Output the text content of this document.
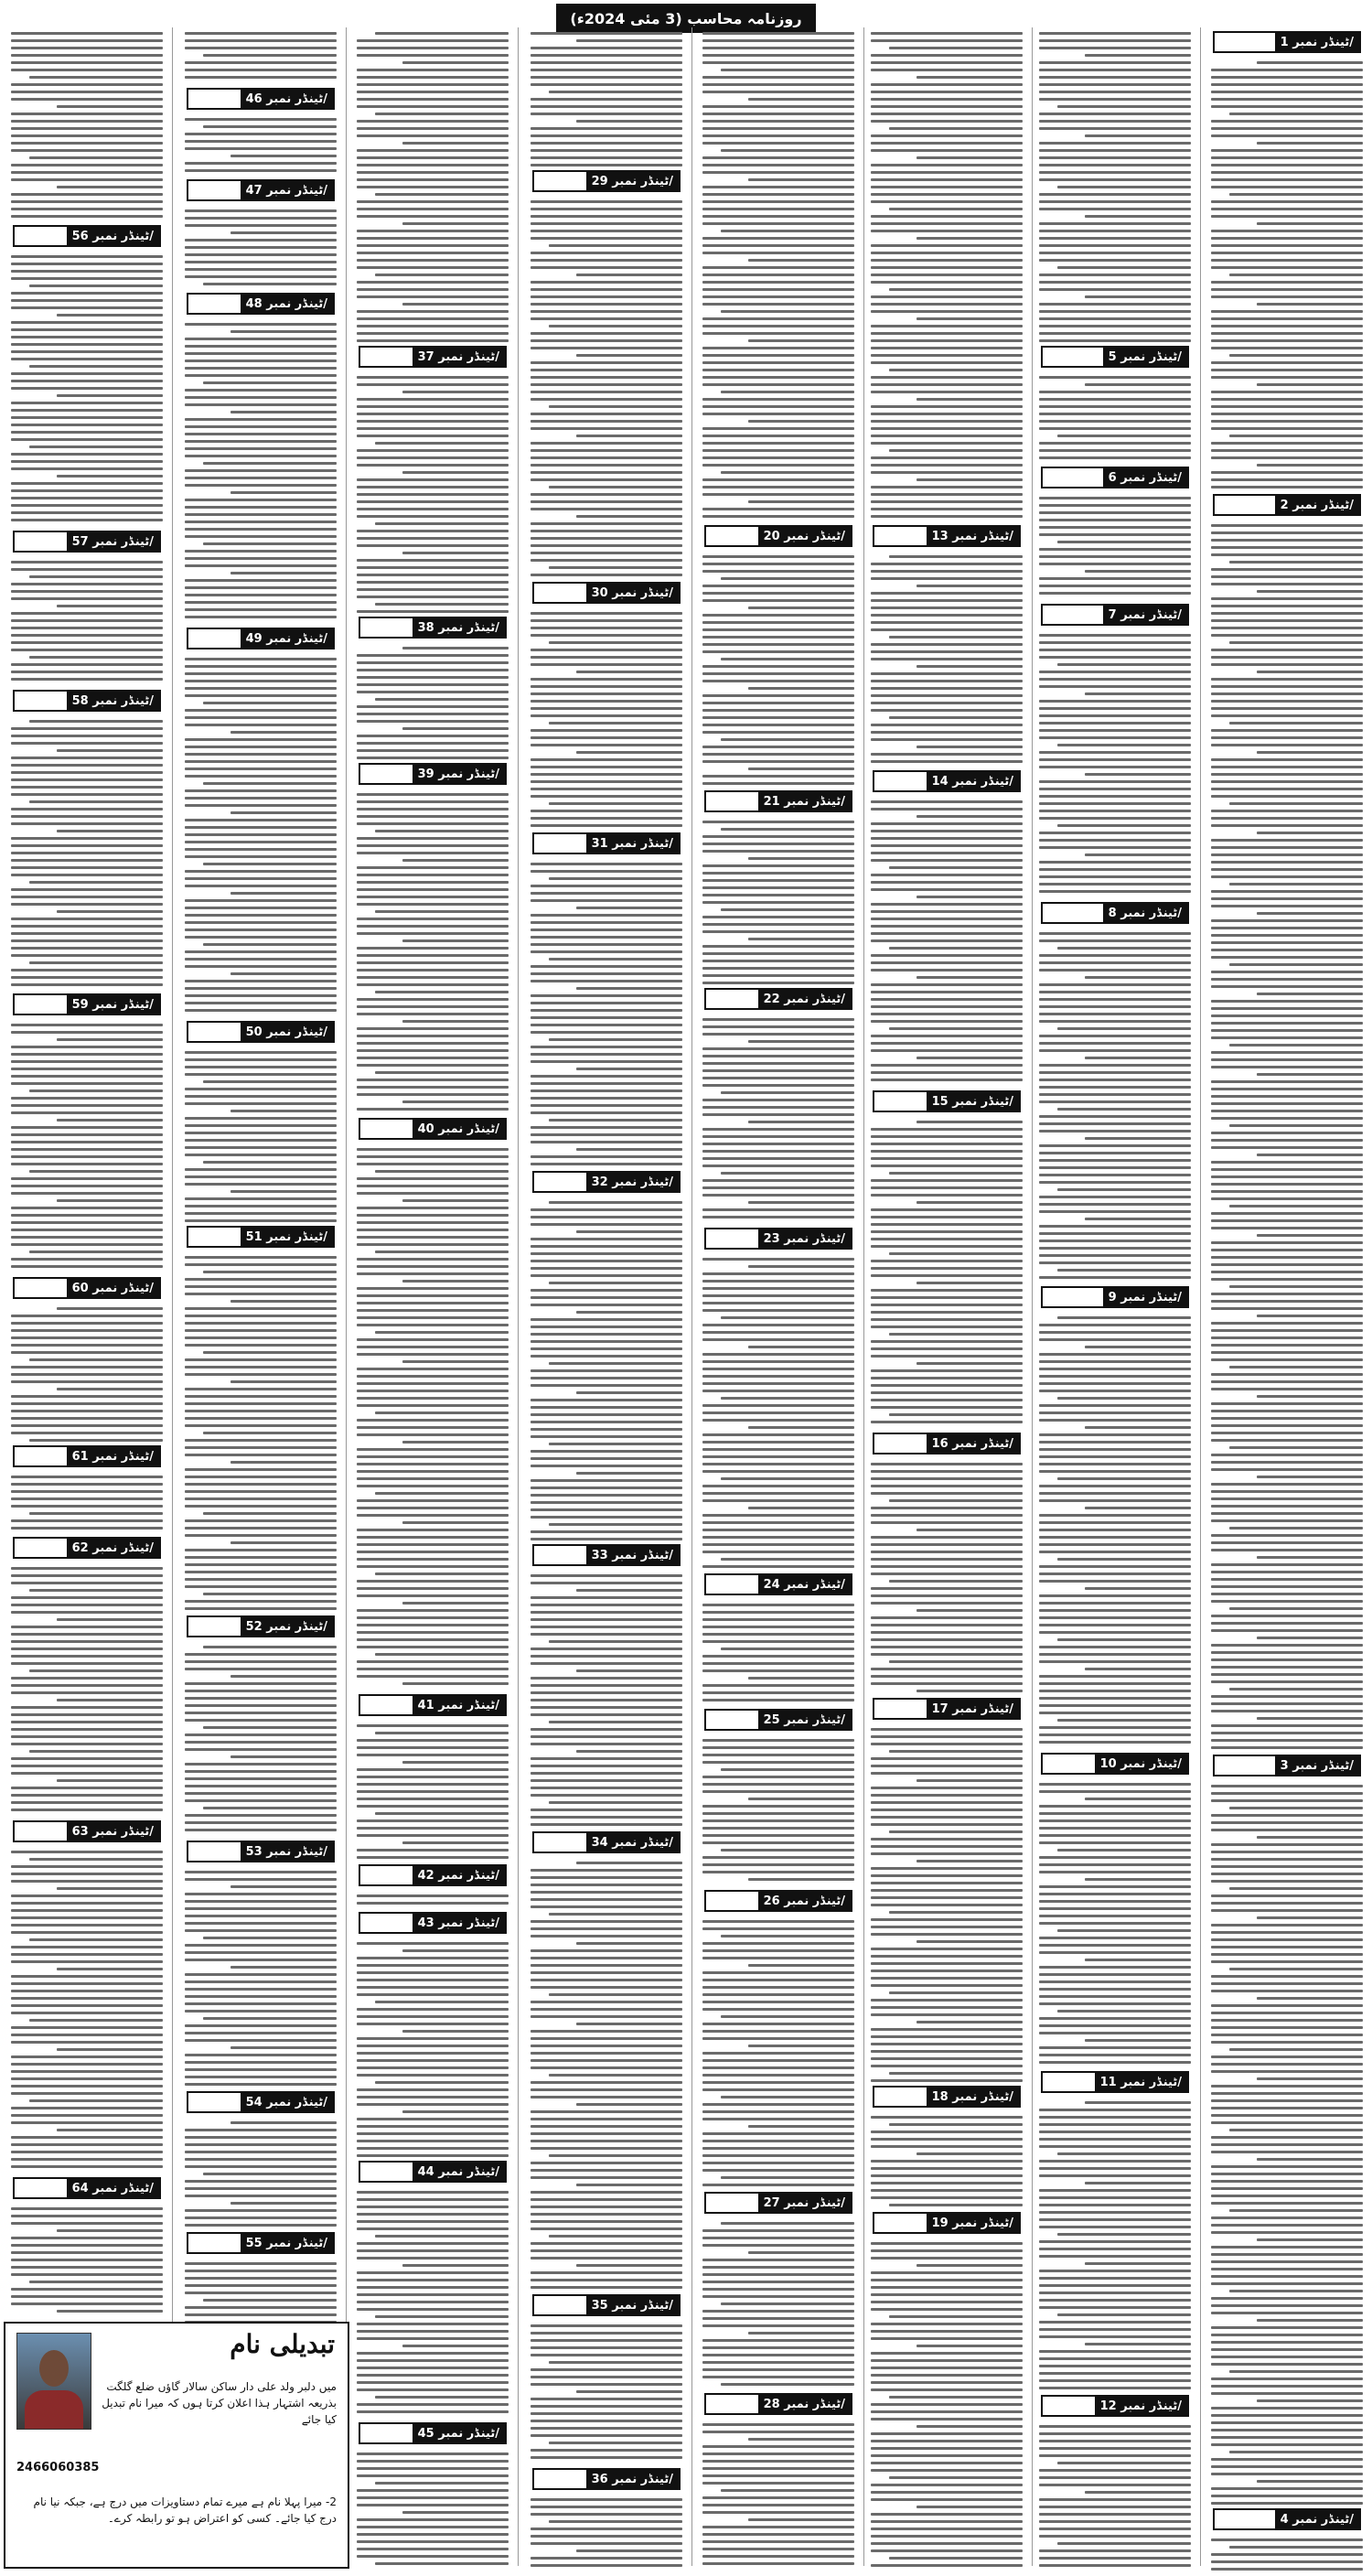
روزنامہ محاسب (3 مئی 2024ء)
ٹینڈر نمبر 1/
ٹینڈر نمبر 2/
ٹینڈر نمبر 3/
ٹینڈر نمبر 4/
ٹینڈر نمبر 5/
ٹینڈر نمبر 6/
ٹینڈر نمبر 7/
ٹینڈر نمبر 8/
ٹینڈر نمبر 9/
ٹینڈر نمبر 10/
ٹینڈر نمبر 11/
ٹینڈر نمبر 12/
ٹینڈر نمبر 13/
ٹینڈر نمبر 14/
ٹینڈر نمبر 15/
ٹینڈر نمبر 16/
ٹینڈر نمبر 17/
ٹینڈر نمبر 18/
ٹینڈر نمبر 19/
ٹینڈر نمبر 20/
ٹینڈر نمبر 21/
ٹینڈر نمبر 22/
ٹینڈر نمبر 23/
ٹینڈر نمبر 24/
ٹینڈر نمبر 25/
ٹینڈر نمبر 26/
ٹینڈر نمبر 27/
ٹینڈر نمبر 28/
ٹینڈر نمبر 29/
ٹینڈر نمبر 30/
ٹینڈر نمبر 31/
ٹینڈر نمبر 32/
ٹینڈر نمبر 33/
ٹینڈر نمبر 34/
ٹینڈر نمبر 35/
ٹینڈر نمبر 36/
ٹینڈر نمبر 37/
ٹینڈر نمبر 38/
ٹینڈر نمبر 39/
ٹینڈر نمبر 40/
ٹینڈر نمبر 41/
ٹینڈر نمبر 42/
ٹینڈر نمبر 43/
ٹینڈر نمبر 44/
ٹینڈر نمبر 45/
ٹینڈر نمبر 46/
ٹینڈر نمبر 47/
ٹینڈر نمبر 48/
ٹینڈر نمبر 49/
ٹینڈر نمبر 50/
ٹینڈر نمبر 51/
ٹینڈر نمبر 52/
ٹینڈر نمبر 53/
ٹینڈر نمبر 54/
ٹینڈر نمبر 55/
ٹینڈر نمبر 56/
ٹینڈر نمبر 57/
ٹینڈر نمبر 58/
ٹینڈر نمبر 59/
ٹینڈر نمبر 60/
ٹینڈر نمبر 61/
ٹینڈر نمبر 62/
ٹینڈر نمبر 63/
ٹینڈر نمبر 64/
تبدیلی نام
میں دلبر ولد علی دار ساکن سالار گاؤں ضلع گلگت بذریعہ اشتہار ہذا اعلان کرتا ہوں کہ میرا نام تبدیل کیا جائے
2466060385
2- میرا پہلا نام ہے میرے تمام دستاویزات میں درج ہے، جبکہ نیا نام درج کیا جائے۔ کسی کو اعتراض ہو تو رابطہ کرے۔
